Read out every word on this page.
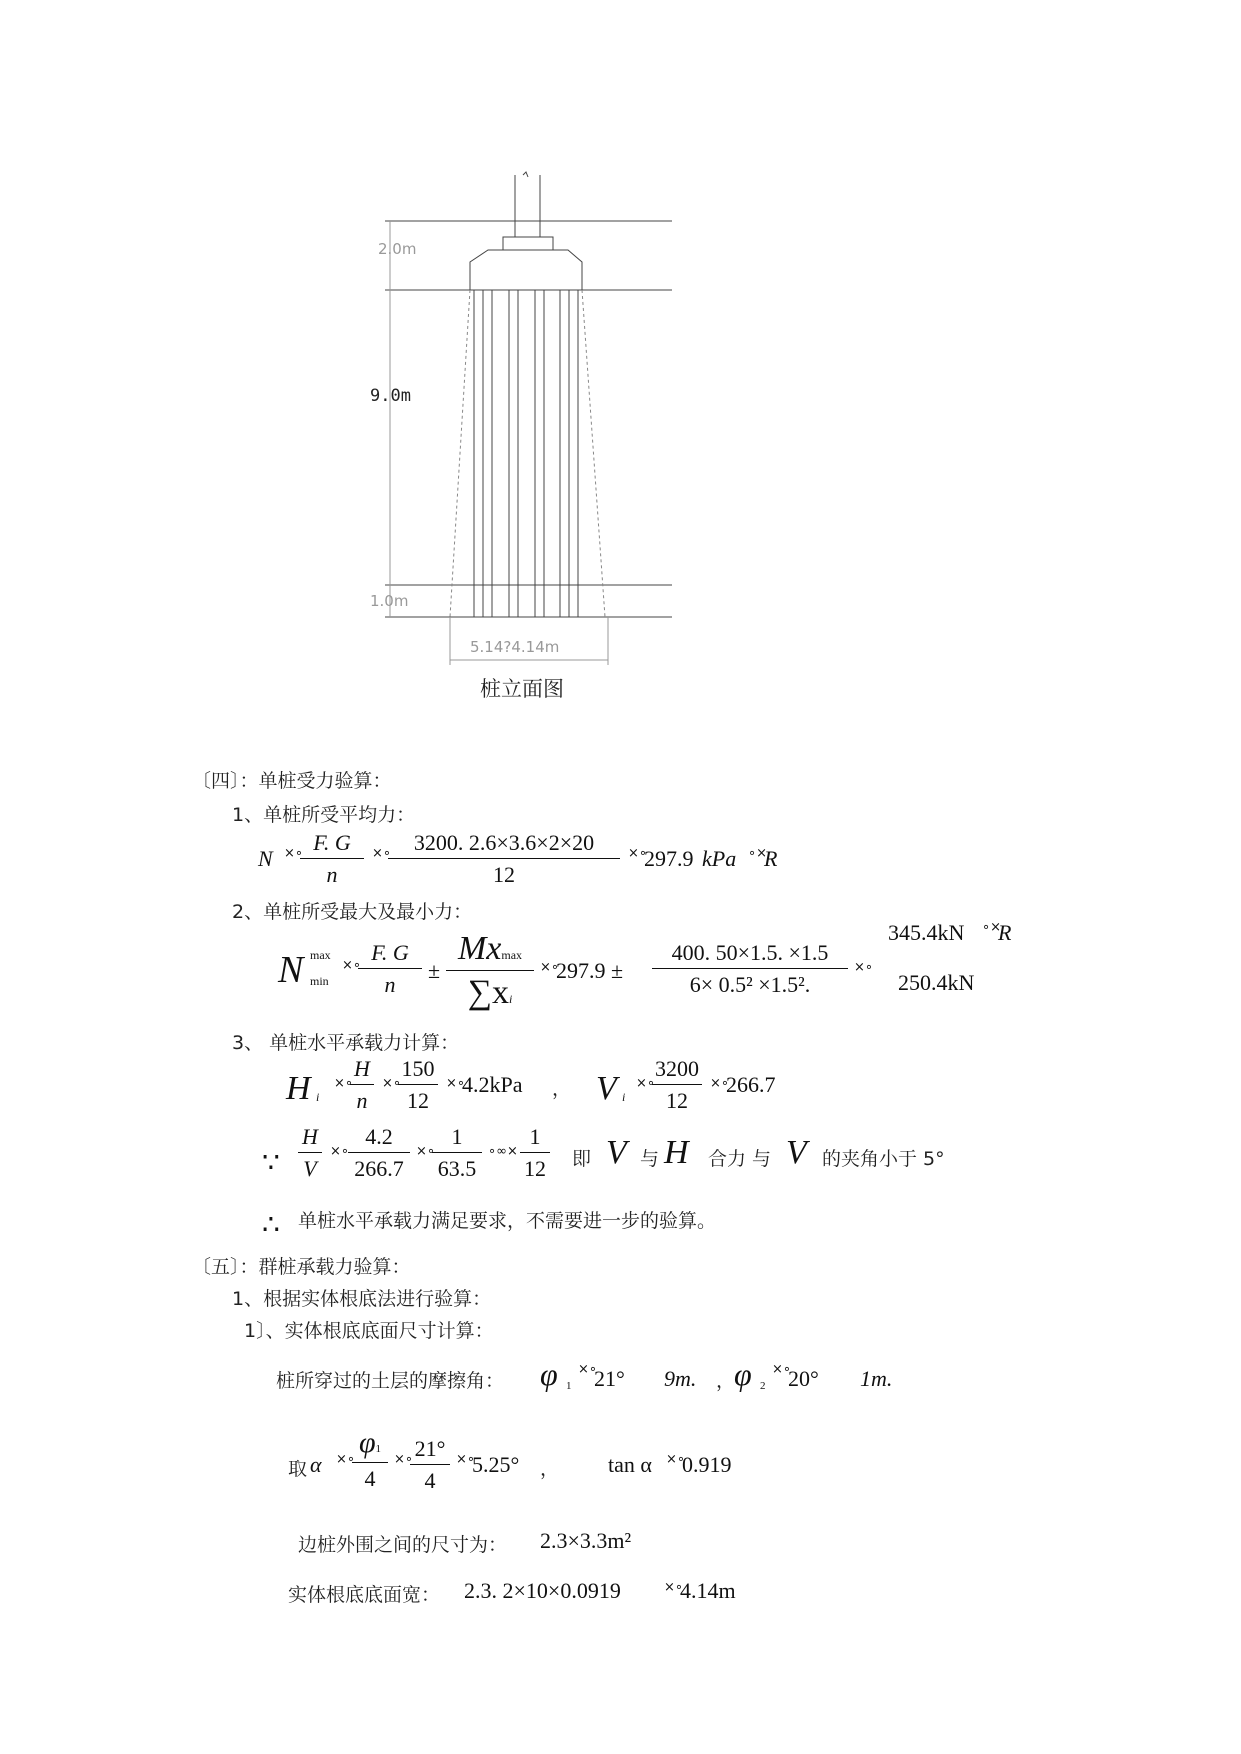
2.0m
9.0m
1.0m
5.14?4.14m
桩立面图
〔四〕：单桩受力验算：
1、单桩所受平均力：
N ×∘ F. G
n
×∘	3200. 2.6×3.6×2×20
12
×∘
297.9 kPa ∘×
R
2、单桩所受最大及最小力：
N max
min
×∘
F. G
n
±
Mxmax
∑xi
×∘
297.9 ±
400. 50×1.5. ×1.5
6× 0.5² ×1.5².
×∘
345.4kN ∘×
R
250.4kN
3、 单桩水平承载力计算：
H i
×∘
H
n
×∘
150
12
×∘
4.2kPa ， V i
×∘
3200
12
×∘
266.7
∵
H
V
×∘
4.2
266.7
×∘
1
63.5
∘∞×
1
12 即 V 与 H 合力 与 V 的夹角小于 5°
∴ 单桩水平承载力满足要求，不需要进一步的验算。
〔五〕：群桩承载力验算：
1、根据实体根底法进行验算：
1〕、实体根底底面尺寸计算：
桩所穿过的土层的摩擦角： φ 1
×∘
21° 9m. ，
φ 2
×∘
20° 1m.
取 α ×∘
φ1
4
×∘ 21°
4
×∘
5.25° ， tan α ×∘
0.919
边桩外围之间的尺寸为： 2.3×3.3m²
实体根底底面宽： 2.3. 2×10×0.0919	×∘
4.14m
